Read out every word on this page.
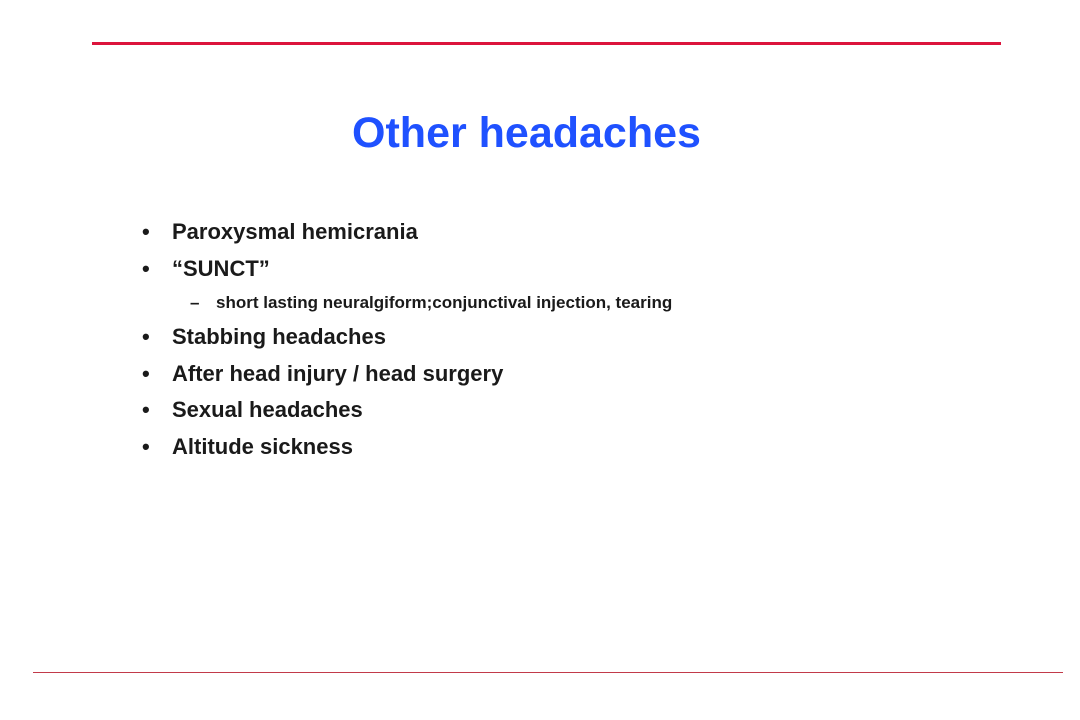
Other headaches
• Paroxysmal hemicrania
• “SUNCT”
– short lasting neuralgiform;conjunctival injection, tearing
• Stabbing headaches
• After head injury / head surgery
• Sexual headaches
• Altitude sickness
